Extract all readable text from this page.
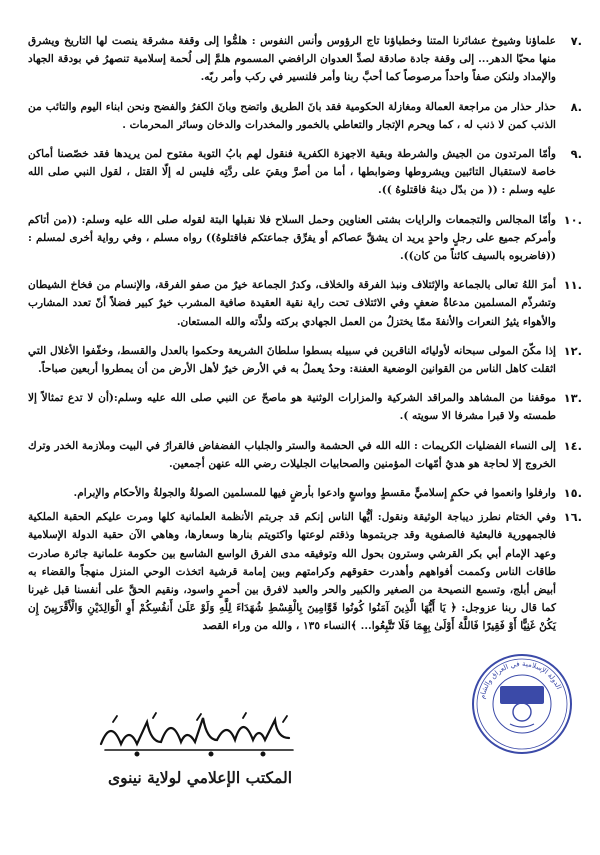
٧.
علماؤنا وشيوخ عشائرنا المتنا وخطباؤنا تاج الرؤوس وأنس النفوس : هلمُّوا إلى وقفة مشرقة ينصت لها التاريخ ويشرق منها محيّا الدهر... إلى وقفة جادة صادقة لصدِّ العدوان الرافضي المسموم هلمَّ إلى لُحمة إسلامية تنصهرُ في بودقة الجهاد والإمداد ولنكن صفاً واحداً مرصوصاً كما أحبَّ ربنا وأمر فلنسير في ركب وأمر ربّه.
٨.
حذار حذار من مراجعة العمالة ومغازلة الحكومية فقد بانَ الطريق واتضح وبانَ الكفرُ والفضح ونحن ابناء اليوم والتائب من الذنب كمن لا ذنب له ، كما ويحرم الإتجار والتعاطي بالخمور والمخدرات والدخان وسائر المحرمات .
٩.
وأمّا المرتدون من الجيش والشرطة وبقية الاجهزة الكفرية فنقول لهم بابُ التوبة مفتوح لمن يريدها فقد خصّصنا أماكن خاصة لاستقبال التائبين ويشروطها وضوابطها ، أما من أصرَّ وبقيَ على ردَّتِه فليس له إلّا القتل ، لقول النبي صلى الله عليه وسلم : (( من بدّل دينهُ فاقتلوهُ )).
١٠.
وأمّا المجالس والتجمعات والرايات بشتى العناوين وحمل السلاح فلا نقبلها البتة لقوله صلى الله عليه وسلم: ((من أتاكم وأمركم جميع على رجلٍ واحدٍ يريد ان يشقَّ عصاكم أو يفرِّق جماعتكم فاقتلوهُ)) رواه مسلم ، وفي رواية أخرى لمسلم : ((فاضربوه بالسيف كائناً من كان)).
١١.
أمرَ اللهُ تعالى بالجماعة والإئتلاف ونبذ الفرقة والخلاف، وكدرُ الجماعة خيرٌ من صفو الفرقة، والإنسام من فخاخ الشيطان وتشرذّم المسلمين مدعاةٌ ضعفٍ وفي الائتلاف تحت راية نقية العقيدة صافية المشرب خيرٌ كبير فضلاً أنّ تعدد المشارب والأهواء يثيرُ النعرات والأنفةَ ممّا يختزلُ من العمل الجهادي بركته ولذَّته والله المستعان.
١٢.
إذا مكّنَ المولى سبحانه لأوليائه الناقرين في سبيله بسطوا سلطانَ الشريعة وحكموا بالعدل والقسط، وخفّفوا الأغلال التي اثقلت كاهل الناس من القوانين الوضعية العفنة: وحدٌ يعملُ به في الأرض خيرٌ لأهل الأرض من أن يمطروا أربعين صباحاً.
١٣.
موقفنا من المشاهد والمراقد الشركية والمزارات الوثنية هو ماصحّ عن النبي صلى الله عليه وسلم:(أن لا تدع تمثالاً إلا طمسته ولا قبرا مشرفا الا سويته ).
١٤.
إلى النساء الفضليات الكريمات : الله الله في الحشمة والستر والجلباب الفضفاض فالقرارُ في البيت وملازمة الخدر وترك الخروج إلا لحاجة هو هديُ أمّهات المؤمنين والصحابيات الجليلات رضي الله عنهن أجمعين.
١٥.
وارفلوا وانعموا في حكمٍ إسلاميٍّ مقسطٍ وواسعٍ وادعوا بأرضٍ فيها للمسلمين الصولةُ والجولةُ والأحكام والإبرام.
١٦.
وفي الختام نطرز ديباجة الوثيقة ونقول: أيُّها الناس إنكم قد جربتم الأنظمة العلمانية كلها ومرت عليكم الحقبة الملكية فالجمهورية فالبعثية فالصفوية وقد جربتموها وذقتم لوعتها واكتويتم بنارها وسعارها، وهاهي الآن حقبة الدولة الإسلامية وعهد الإمام أبي بكر القرشي وسترون بحول الله وتوفيقه مدى الفرق الواسع الشاسع بين حكومة علمانية جائرة صادرت طاقات الناس وكممت أفواههم وأهدرت حقوقهم وكرامتهم وبين إمامة قرشية اتخذت الوحي المنزل منهجاً والقضاء به أبيض أبلج، وتسمع النصيحة من الصغير والكبير والحر والعبد لافرق بين أحمرٍ واسود، ونقيم الحقَّ على أنفسنا قبل غيرنا كما قال ربنا عزوجل: ﴿ يَا أَيُّهَا الَّذِينَ آمَنُوا كُونُوا قَوَّامِينَ بِالْقِسْطِ شُهَدَاءَ لِلَّهِ وَلَوْ عَلَىٰ أَنفُسِكُمْ أَوِ الْوَالِدَيْنِ وَالْأَقْرَبِينَ إِن يَكُنْ غَنِيًّا أَوْ فَقِيرًا فَاللَّهُ أَوْلَىٰ بِهِمَا فَلَا تَتَّبِعُوا... ﴾النساء ١٣٥ ، والله من وراء القصد
الدولة الإسلامية في العراق والشام
المكتب الإعلامي لولاية نينوى
